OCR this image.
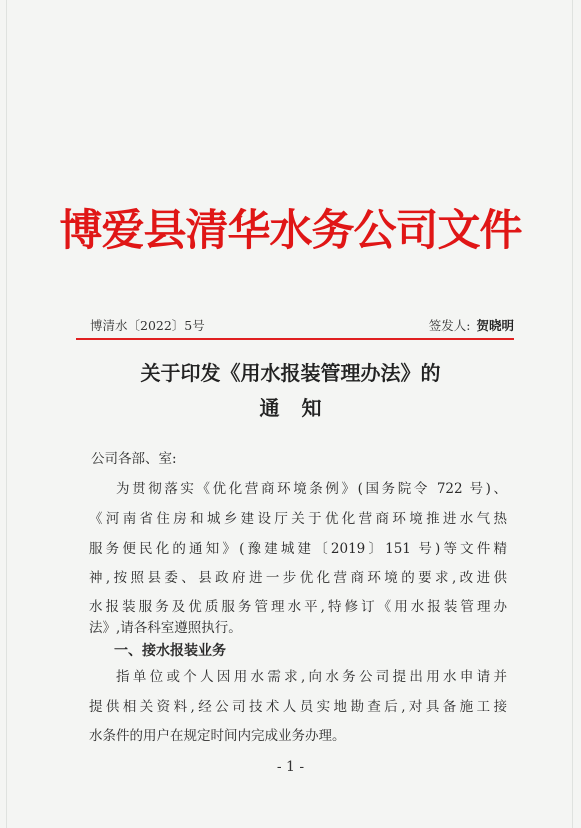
博爱县清华水务公司文件
博清水〔2022〕5号	签发人: 贺晓明
关于印发《用水报装管理办法》的
通知
公司各部、室:
为贯彻落实《优化营商环境条例》(国务院令 722 号)、
《河南省住房和城乡建设厅关于优化营商环境推进水气热
服务便民化的通知》(豫建城建〔2019〕151 号)等文件精
神,按照县委、县政府进一步优化营商环境的要求,改进供
水报装服务及优质服务管理水平,特修订《用水报装管理办
法》,请各科室遵照执行。
一、接水报装业务
指单位或个人因用水需求,向水务公司提出用水申请并
提供相关资料,经公司技术人员实地勘查后,对具备施工接
水条件的用户在规定时间内完成业务办理。
- 1 -
